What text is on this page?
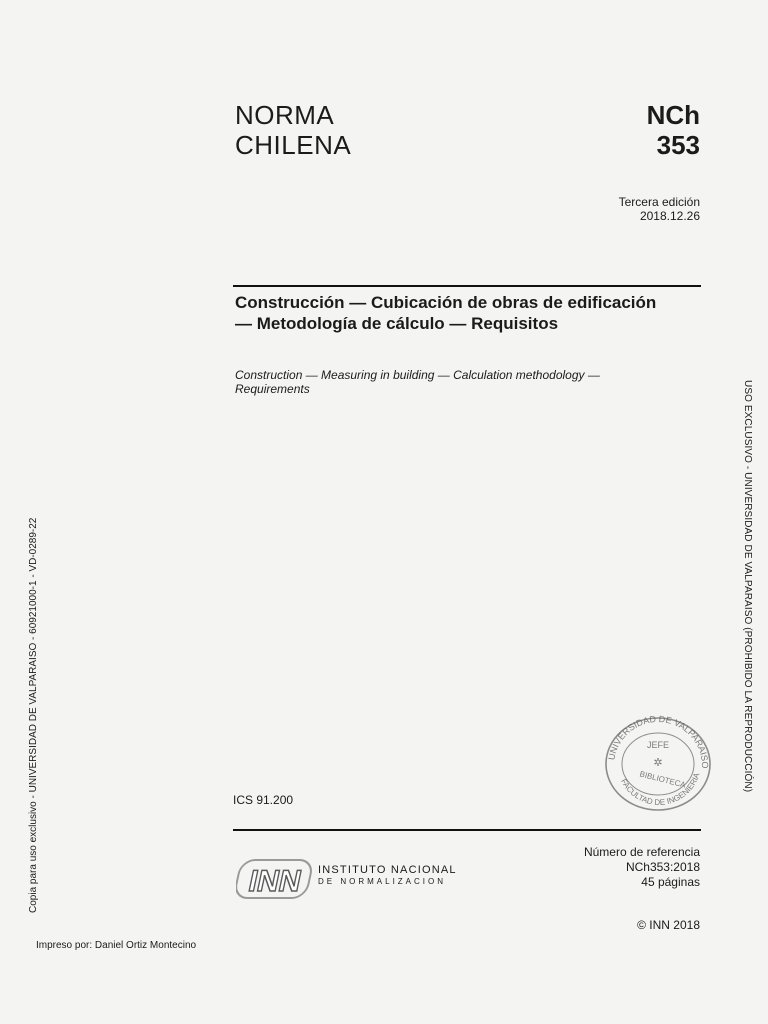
NORMA
CHILENA
NCh
353
Tercera edición
2018.12.26
Construcción — Cubicación de obras de edificación — Metodología de cálculo — Requisitos
Construction — Measuring in building — Calculation methodology — Requirements	USO EXCLUSIVO - UNIVERSIDAD DE VALPARAISO (PROHIBIDO LA REPRODUCCIÓN)
Copia para uso exclusivo - UNIVERSIDAD DE VALPARAISO - 60921000-1 - VD-0289-22	UNIVERSIDAD DE VALPARAISO
FACULTAD DE INGENIERIA
JEFE
✲
BIBLIOTECA
ICS 91.200
INN INSTITUTO NACIONAL
DE NORMALIZACION
Número de referencia
NCh353:2018
45 páginas
© INN 2018
Impreso por: Daniel Ortiz Montecino
